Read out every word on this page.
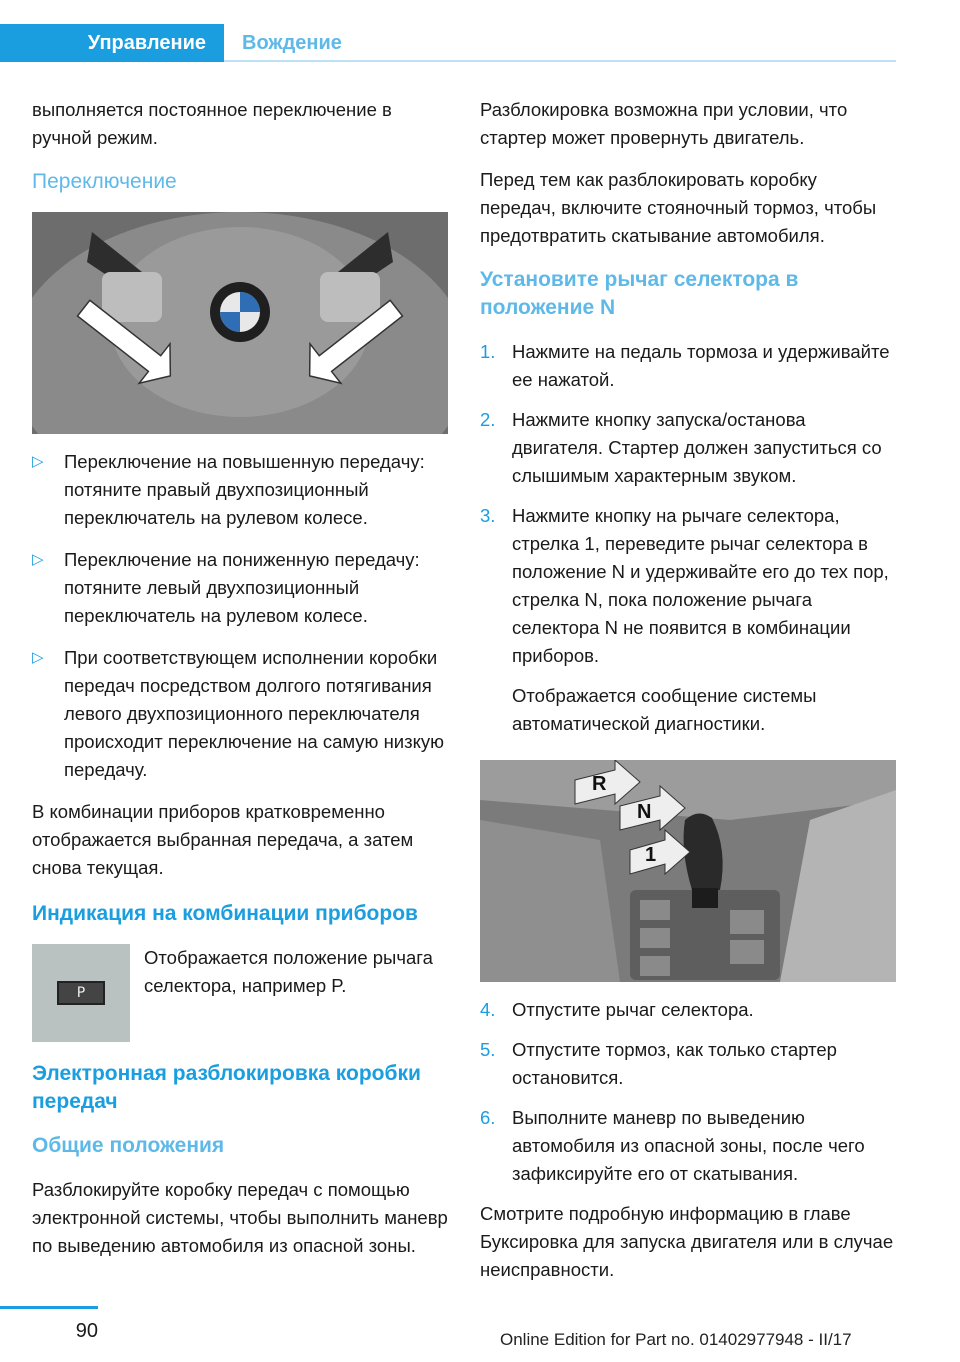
Управление	Вождение

выполняется постоянное переключение в ручной режим.

Переключение
▷ Переключение на повышенную передачу: потяните правый двухпозиционный переключатель на рулевом колесе.
▷ Переключение на пониженную передачу: потяните левый двухпозиционный переключатель на рулевом колесе.
▷ При соответствующем исполнении коробки передач посредством долгого потягивания левого двухпозиционного переключателя происходит переключение на самую низкую передачу.

В комбинации приборов кратковременно отображается выбранная передача, а затем снова текущая.

Индикация на комбинации приборов
P
Отображается положение рычага селектора, например P.
Электронная разблокировка коробки передач
Общие положения

Разблокируйте коробку передач с помощью электронной системы, чтобы выполнить маневр по выведению автомобиля из опасной зоны.

Разблокировка возможна при условии, что стартер может провернуть двигатель.

Перед тем как разблокировать коробку передач, включите стояночный тормоз, чтобы предотвратить скатывание автомобиля.

Установите рычаг селектора в положение N
1. Нажмите на педаль тормоза и удерживайте ее нажатой.
2. Нажмите кнопку запуска/останова двигателя. Стартер должен запуститься со слышимым характерным звуком.
3. Нажмите кнопку на рычаге селектора, стрелка 1, переведите рычаг селектора в положение N и удерживайте его до тех пор, стрелка N, пока положение рычага селектора N не появится в комбинации приборов.
Отображается сообщение системы автоматической диагностики.
R
N
1
4. Отпустите рычаг селектора.
5. Отпустите тормоз, как только стартер остановится.
6. Выполните маневр по выведению автомобиля из опасной зоны, после чего зафиксируйте его от скатывания.

Смотрите подробную информацию в главе Буксировка для запуска двигателя или в случае неисправности.

90	Online Edition for Part no. 01402977948 - II/17
